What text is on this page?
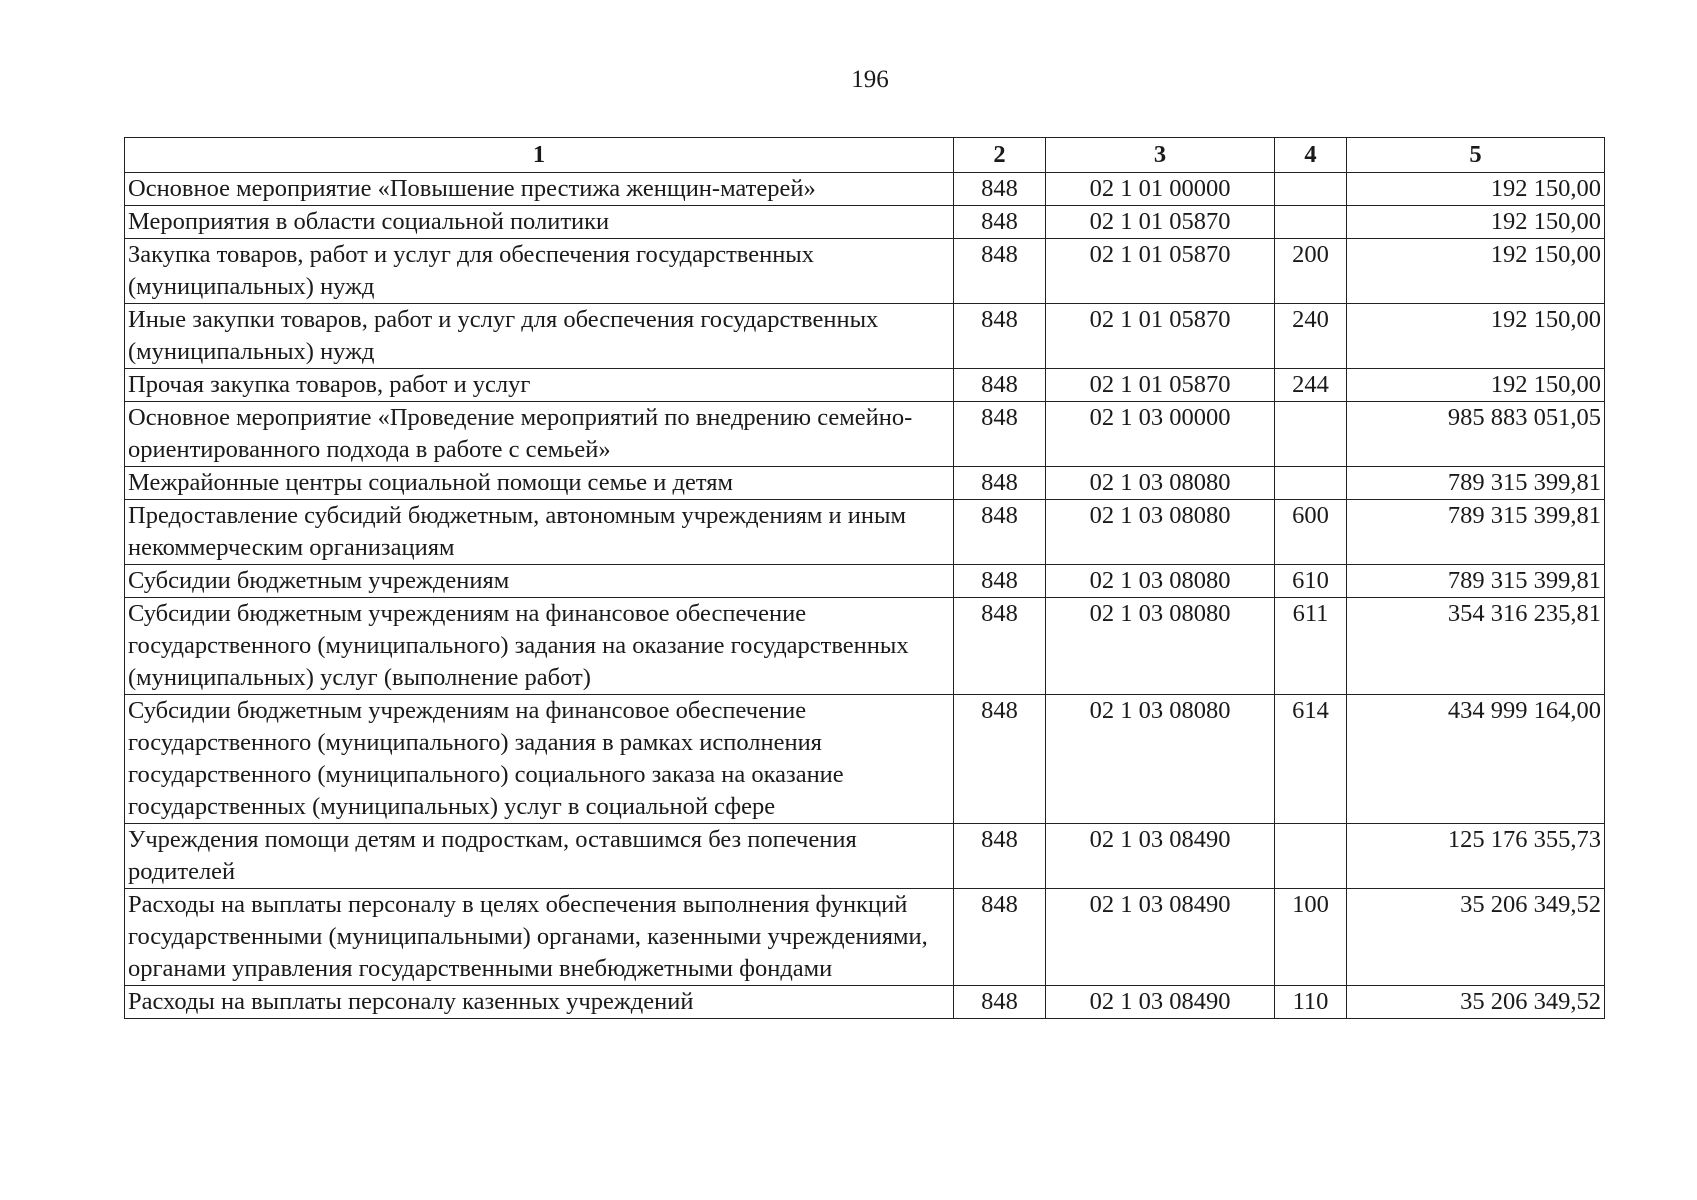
196
1	2	3	4	5
Основное мероприятие «Повышение престижа женщин-матерей»	848	02 1 01 00000		192 150,00
Мероприятия в области социальной политики	848	02 1 01 05870		192 150,00
Закупка товаров, работ и услуг для обеспечения государственных (муниципальных) нужд	848	02 1 01 05870	200	192 150,00
Иные закупки товаров, работ и услуг для обеспечения государственных (муниципальных) нужд	848	02 1 01 05870	240	192 150,00
Прочая закупка товаров, работ и услуг	848	02 1 01 05870	244	192 150,00
Основное мероприятие «Проведение мероприятий по внедрению семейно-ориентированного подхода в работе с семьей»	848	02 1 03 00000		985 883 051,05
Межрайонные центры социальной помощи семье и детям	848	02 1 03 08080		789 315 399,81
Предоставление субсидий бюджетным, автономным учреждениям и иным некоммерческим организациям	848	02 1 03 08080	600	789 315 399,81
Субсидии бюджетным учреждениям	848	02 1 03 08080	610	789 315 399,81
Субсидии бюджетным учреждениям на финансовое обеспечение государственного (муниципального) задания на оказание государственных (муниципальных) услуг (выполнение работ)	848	02 1 03 08080	611	354 316 235,81
Субсидии бюджетным учреждениям на финансовое обеспечение государственного (муниципального) задания в рамках исполнения государственного (муниципального) социального заказа на оказание государственных (муниципальных) услуг в социальной сфере	848	02 1 03 08080	614	434 999 164,00
Учреждения помощи детям и подросткам, оставшимся без попечения родителей	848	02 1 03 08490		125 176 355,73
Расходы на выплаты персоналу в целях обеспечения выполнения функций государственными (муниципальными) органами, казенными учреждениями, органами управления государственными внебюджетными фондами	848	02 1 03 08490	100	35 206 349,52
Расходы на выплаты персоналу казенных учреждений	848	02 1 03 08490	110	35 206 349,52
